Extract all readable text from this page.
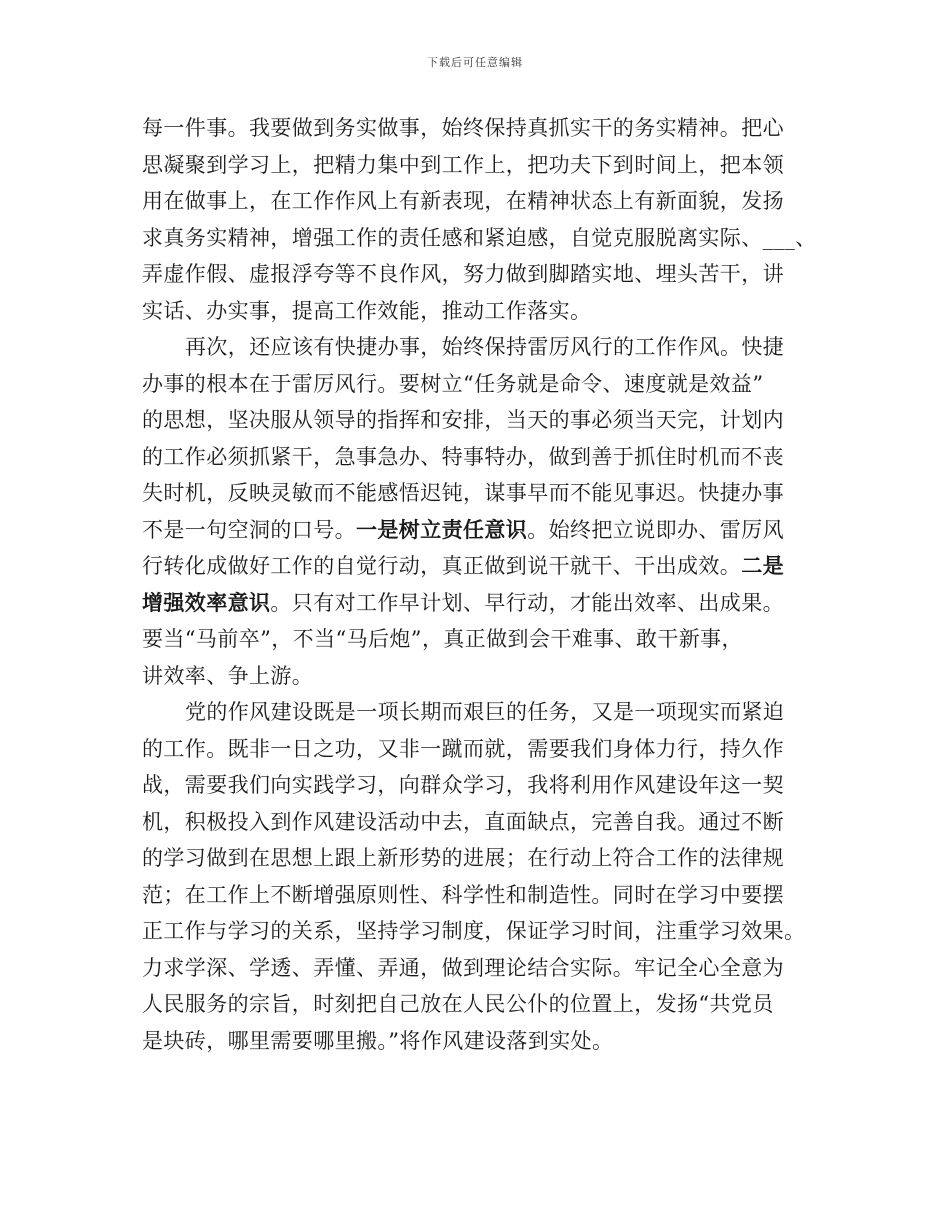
下载后可任意编辑
每一件事。我要做到务实做事，始终保持真抓实干的务实精神。把心
思凝聚到学习上，把精力集中到工作上，把功夫下到时间上，把本领
用在做事上，在工作作风上有新表现，在精神状态上有新面貌，发扬
求真务实精神，增强工作的责任感和紧迫感，自觉克服脱离实际、___、
弄虚作假、虚报浮夸等不良作风，努力做到脚踏实地、埋头苦干，讲
实话、办实事，提高工作效能，推动工作落实。
再次，还应该有快捷办事，始终保持雷厉风行的工作作风。快捷
办事的根本在于雷厉风行。要树立“任务就是命令、速度就是效益”
的思想，坚决服从领导的指挥和安排，当天的事必须当天完，计划内
的工作必须抓紧干，急事急办、特事特办，做到善于抓住时机而不丧
失时机，反映灵敏而不能感悟迟钝，谋事早而不能见事迟。快捷办事
不是一句空洞的口号。一是树立责任意识。始终把立说即办、雷厉风
行转化成做好工作的自觉行动，真正做到说干就干、干出成效。二是
增强效率意识。只有对工作早计划、早行动，才能出效率、出成果。
要当“马前卒”，不当“马后炮”，真正做到会干难事、敢干新事，
讲效率、争上游。
党的作风建设既是一项长期而艰巨的任务，又是一项现实而紧迫
的工作。既非一日之功，又非一蹴而就，需要我们身体力行，持久作
战，需要我们向实践学习，向群众学习，我将利用作风建设年这一契
机，积极投入到作风建设活动中去，直面缺点，完善自我。通过不断
的学习做到在思想上跟上新形势的进展；在行动上符合工作的法律规
范；在工作上不断增强原则性、科学性和制造性。同时在学习中要摆
正工作与学习的关系，坚持学习制度，保证学习时间，注重学习效果。
力求学深、学透、弄懂、弄通，做到理论结合实际。牢记全心全意为
人民服务的宗旨，时刻把自己放在人民公仆的位置上，发扬“共党员
是块砖，哪里需要哪里搬。”将作风建设落到实处。
